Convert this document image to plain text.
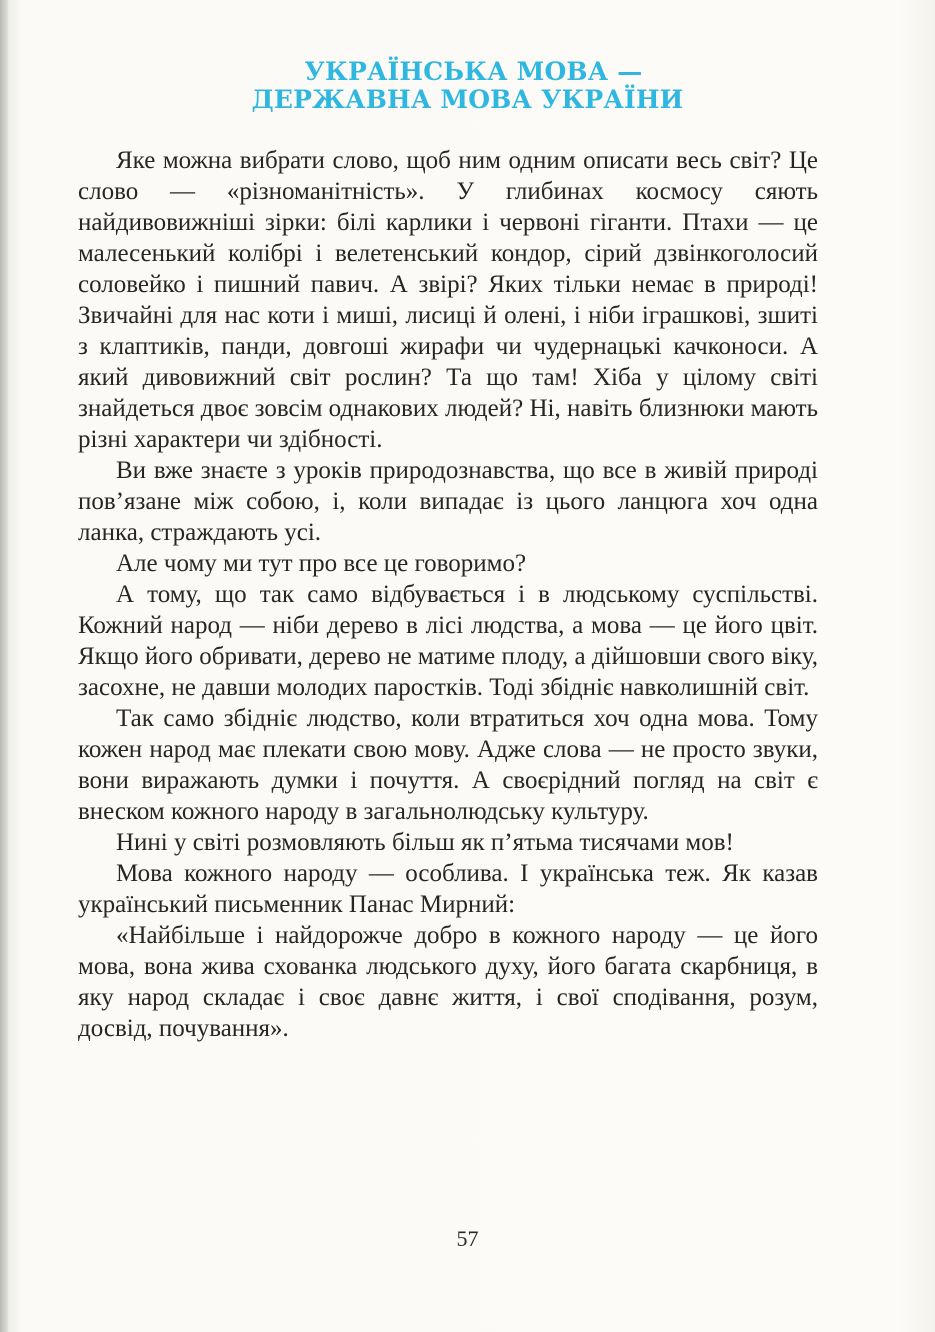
УКРАЇНСЬКА МОВА —
ДЕРЖАВНА МОВА УКРАЇНИ

Яке можна вибрати слово, щоб ним одним описати весь світ? Це слово — «різноманітність». У глибинах космосу сяють найдивовижніші зірки: білі карлики і червоні гіганти. Птахи — це малесенький колібрі і велетенський кондор, сірий дзвінкоголосий соловейко і пишний павич. А звірі? Яких тільки немає в природі! Звичайні для нас коти і миші, лисиці й олені, і ніби іграшкові, зшиті з клаптиків, панди, довгоші жирафи чи чудернацькі качконоси. А який дивовижний світ рослин? Та що там! Хіба у цілому світі знайдеться двоє зовсім однакових людей? Ні, навіть близнюки мають різні характери чи здібності.

Ви вже знаєте з уроків природознавства, що все в живій природі пов’язане між собою, і, коли випадає із цього ланцюга хоч одна ланка, страждають усі.

Але чому ми тут про все це говоримо?

А тому, що так само відбувається і в людському суспільстві. Кожний народ — ніби дерево в лісі людства, а мова — це його цвіт. Якщо його обривати, дерево не матиме плоду, а дійшовши свого віку, засохне, не давши молодих паростків. Тоді збідніє навколишній світ.

Так само збідніє людство, коли втратиться хоч одна мова. Тому кожен народ має плекати свою мову. Адже слова — не просто звуки, вони виражають думки і почуття. А своєрідний погляд на світ є внеском кожного народу в загальнолюдську культуру.

Нині у світі розмовляють більш як п’ятьма тисячами мов!

Мова кожного народу — особлива. І українська теж. Як казав український письменник Панас Мирний:

«Найбільше і найдорожче добро в кожного народу — це його мова, вона жива схованка людського духу, його багата скарбниця, в яку народ складає і своє давнє життя, і свої сподівання, розум, досвід, почування».

57
